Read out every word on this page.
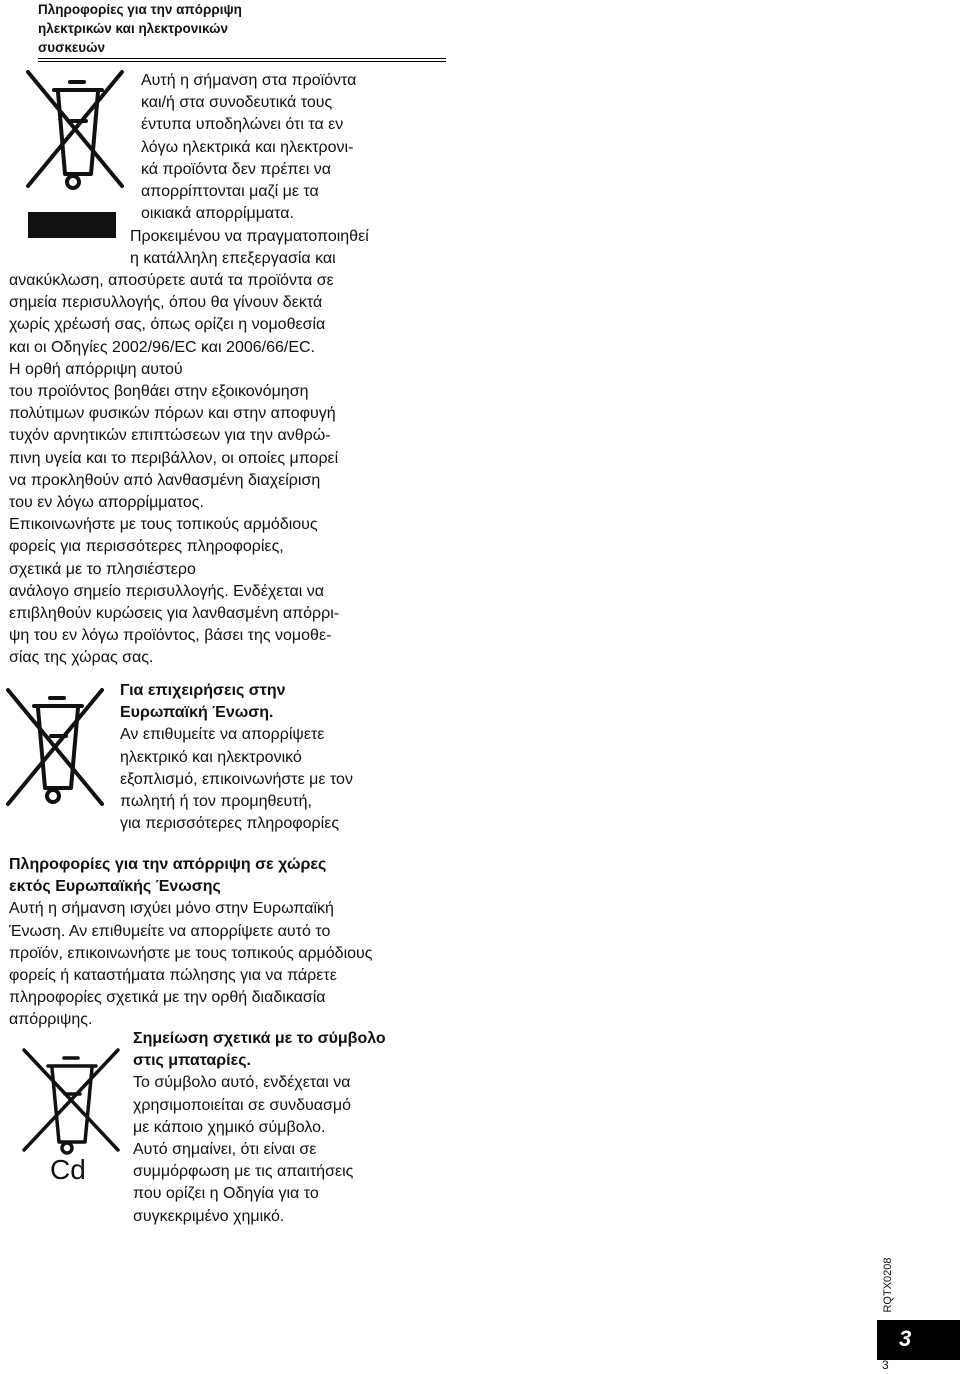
Πληροφορίες για την απόρριψη ηλεκτρικών και ηλεκτρονικών συσκευών

Αυτή η σήμανση στα προϊόντα

και/ή στα συνοδευτικά τους

έντυπα υποδηλώνει ότι τα εν

λόγω ηλεκτρικά και ηλεκτρονι-

κά προϊόντα δεν πρέπει να

απορρίπτονται μαζί με τα

οικιακά απορρίμματα.

Προκειμένου να πραγματοποιηθεί

η κατάλληλη επεξεργασία και

ανακύκλωση, αποσύρετε αυτά τα προϊόντα σε

σημεία περισυλλογής, όπου θα γίνουν δεκτά

χωρίς χρέωσή σας, όπως ορίζει η νομοθεσία

και οι Οδηγίες 2002/96/EC και 2006/66/EC.

Η ορθή απόρριψη αυτού

του προϊόντος βοηθάει στην εξοικονόμηση

πολύτιμων φυσικών πόρων και στην αποφυγή

τυχόν αρνητικών επιπτώσεων για την ανθρώ-

πινη υγεία και το περιβάλλον, οι οποίες μπορεί

να προκληθούν από λανθασμένη διαχείριση

του εν λόγω απορρίμματος.

Επικοινωνήστε με τους τοπικούς αρμόδιους

φορείς για περισσότερες πληροφορίες,

σχετικά με το πλησιέστερο

ανάλογο σημείο περισυλλογής. Ενδέχεται να

επιβληθούν κυρώσεις για λανθασμένη απόρρι-

ψη του εν λόγω προϊόντος, βάσει της νομοθε-

σίας της χώρας σας.

Για επιχειρήσεις στην

Ευρωπαϊκή Ένωση.

Αν επιθυμείτε να απορρίψετε

ηλεκτρικό και ηλεκτρονικό

εξοπλισμό, επικοινωνήστε με τον

πωλητή ή τον προμηθευτή,

για περισσότερες πληροφορίες

Πληροφορίες για την απόρριψη σε χώρες

εκτός Ευρωπαϊκής Ένωσης

Αυτή η σήμανση ισχύει μόνο στην Ευρωπαϊκή

Ένωση. Αν επιθυμείτε να απορρίψετε αυτό το

προϊόν, επικοινωνήστε με τους τοπικούς αρμόδιους

φορείς ή καταστήματα πώλησης για να πάρετε

πληροφορίες σχετικά με την ορθή διαδικασία

απόρριψης.

Cd

Σημείωση σχετικά με το σύμβολο

στις μπαταρίες.

Το σύμβολο αυτό, ενδέχεται να

χρησιμοποιείται σε συνδυασμό

με κάποιο χημικό σύμβολο.

Αυτό σημαίνει, ότι είναι σε

συμμόρφωση με τις απαιτήσεις

που ορίζει η Οδηγία για το

συγκεκριμένο χημικό.

RQTX0208
3
3
